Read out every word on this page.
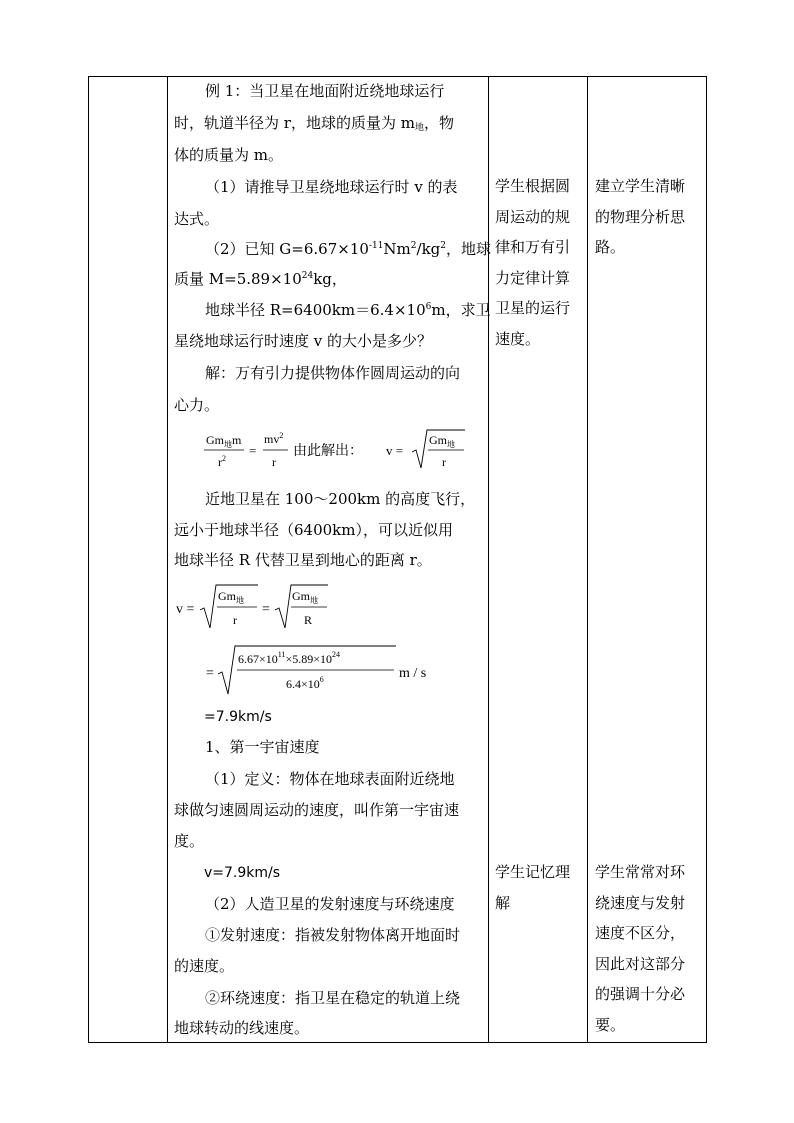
例 1：当卫星在地面附近绕地球运行
时，轨道半径为 r，地球的质量为 $m_地$，物
体的质量为 m。
（1）请推导卫星绕地球运行时 v 的表
达式。
（2）已知 $G=6.67\times 10^{-11}Nm^2/kg^2$，地球
质量 $M=5.89\times 10^{24}kg$，
地球半径 $R=6400km=6.4\times 10^6m$，求卫
星绕地球运行时速度 v 的大小是多少？
解：万有引力提供物体作圆周运动的向
心力。
$Gm_地m$
$r^2$
=
$mv^2$
r
由此解出： v =
$Gm_地$
r
近地卫星在 100～200km 的高度飞行，
远小于地球半径（6400km），可以近似用
地球半径 R 代替卫星到地心的距离 r。
v =
$Gm_地$
r
=
$Gm_地$
R
=
$6.67\times 10^{11}\times 5.89\times 10^{24}$
$6.4\times 10^6$	m / s
=7.9km/s
1、第一宇宙速度
（1）定义：物体在地球表面附近绕地
球做匀速圆周运动的速度，叫作第一宇宙速
度。
v=7.9km/s
（2）人造卫星的发射速度与环绕速度
①发射速度：指被发射物体离开地面时
的速度。
②环绕速度：指卫星在稳定的轨道上绕
地球转动的线速度。
学生根据圆
周运动的规
律和万有引
力定律计算
卫星的运行
速度。
学生记忆理
解
建立学生清晰
的物理分析思
路。
学生常常对环
绕速度与发射
速度不区分，
因此对这部分
的强调十分必
要。
